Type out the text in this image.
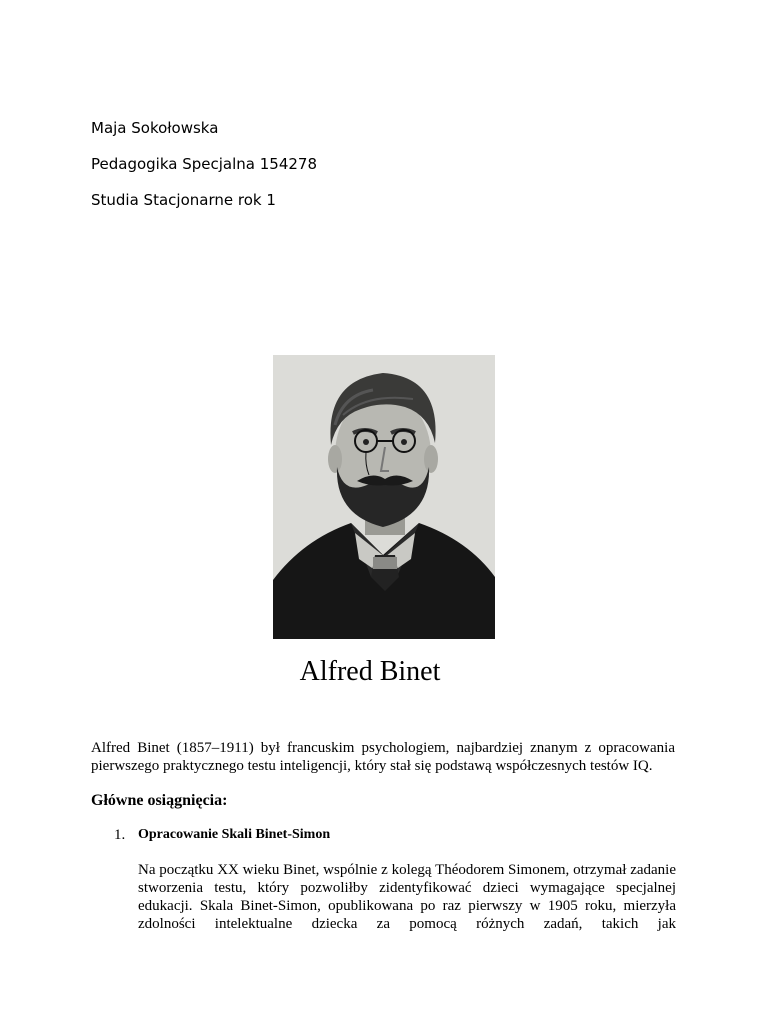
Maja Sokołowska

Pedagogika Specjalna 154278

Studia Stacjonarne rok 1

Alfred Binet

Alfred Binet (1857–1911) był francuskim psychologiem, najbardziej znanym z opracowania pierwszego praktycznego testu inteligencji, który stał się podstawą współczesnych testów IQ.

Główne osiągnięcia:
1. Opracowanie Skali Binet-Simon

Na początku XX wieku Binet, wspólnie z kolegą Théodorem Simonem, otrzymał zadanie stworzenia testu, który pozwoliłby zidentyfikować dzieci wymagające specjalnej edukacji. Skala Binet-Simon, opublikowana po raz pierwszy w 1905 roku, mierzyła zdolności intelektualne dziecka za pomocą różnych zadań, takich jak
